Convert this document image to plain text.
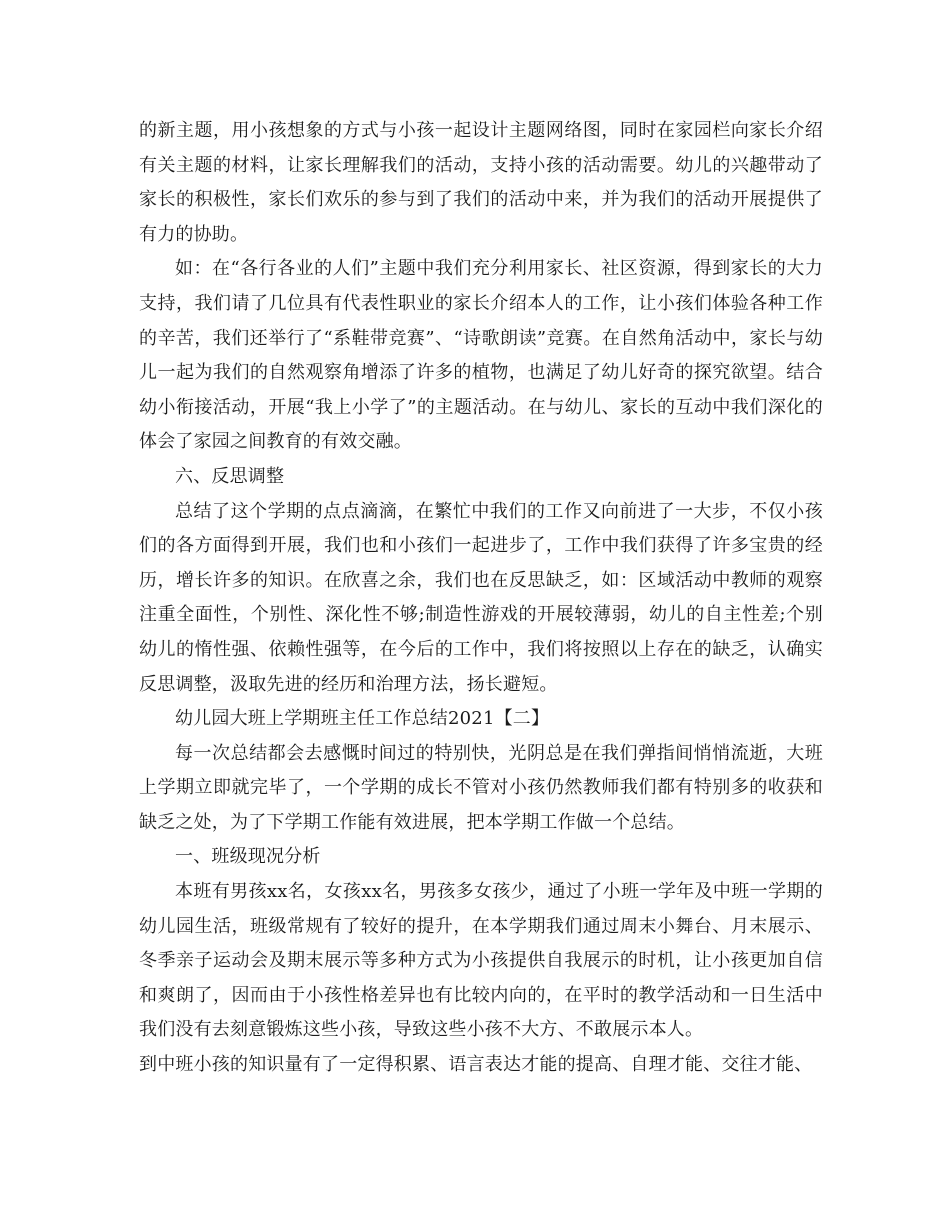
的新主题，用小孩想象的方式与小孩一起设计主题网络图，同时在家园栏向家长介绍有关主题的材料，让家长理解我们的活动，支持小孩的活动需要。幼儿的兴趣带动了家长的积极性，家长们欢乐的参与到了我们的活动中来，并为我们的活动开展提供了有力的协助。

如：在“各行各业的人们”主题中我们充分利用家长、社区资源，得到家长的大力支持，我们请了几位具有代表性职业的家长介绍本人的工作，让小孩们体验各种工作的辛苦，我们还举行了“系鞋带竞赛”、“诗歌朗读”竞赛。在自然角活动中，家长与幼儿一起为我们的自然观察角增添了许多的植物，也满足了幼儿好奇的探究欲望。结合幼小衔接活动，开展“我上小学了”的主题活动。在与幼儿、家长的互动中我们深化的体会了家园之间教育的有效交融。

六、反思调整

总结了这个学期的点点滴滴，在繁忙中我们的工作又向前进了一大步，不仅小孩们的各方面得到开展，我们也和小孩们一起进步了，工作中我们获得了许多宝贵的经历，增长许多的知识。在欣喜之余，我们也在反思缺乏，如：区域活动中教师的观察注重全面性，个别性、深化性不够;制造性游戏的开展较薄弱，幼儿的自主性差;个别幼儿的惰性强、依赖性强等，在今后的工作中，我们将按照以上存在的缺乏，认确实反思调整，汲取先进的经历和治理方法，扬长避短。

幼儿园大班上学期班主任工作总结2021【二】

每一次总结都会去感慨时间过的特别快，光阴总是在我们弹指间悄悄流逝，大班上学期立即就完毕了，一个学期的成长不管对小孩仍然教师我们都有特别多的收获和缺乏之处，为了下学期工作能有效进展，把本学期工作做一个总结。

一、班级现况分析

本班有男孩xx名，女孩xx名，男孩多女孩少，通过了小班一学年及中班一学期的幼儿园生活，班级常规有了较好的提升，在本学期我们通过周末小舞台、月末展示、冬季亲子运动会及期末展示等多种方式为小孩提供自我展示的时机，让小孩更加自信和爽朗了，因而由于小孩性格差异也有比较内向的，在平时的教学活动和一日生活中我们没有去刻意锻炼这些小孩，导致这些小孩不大方、不敢展示本人。

到中班小孩的知识量有了一定得积累、语言表达才能的提高、自理才能、交往才能、
